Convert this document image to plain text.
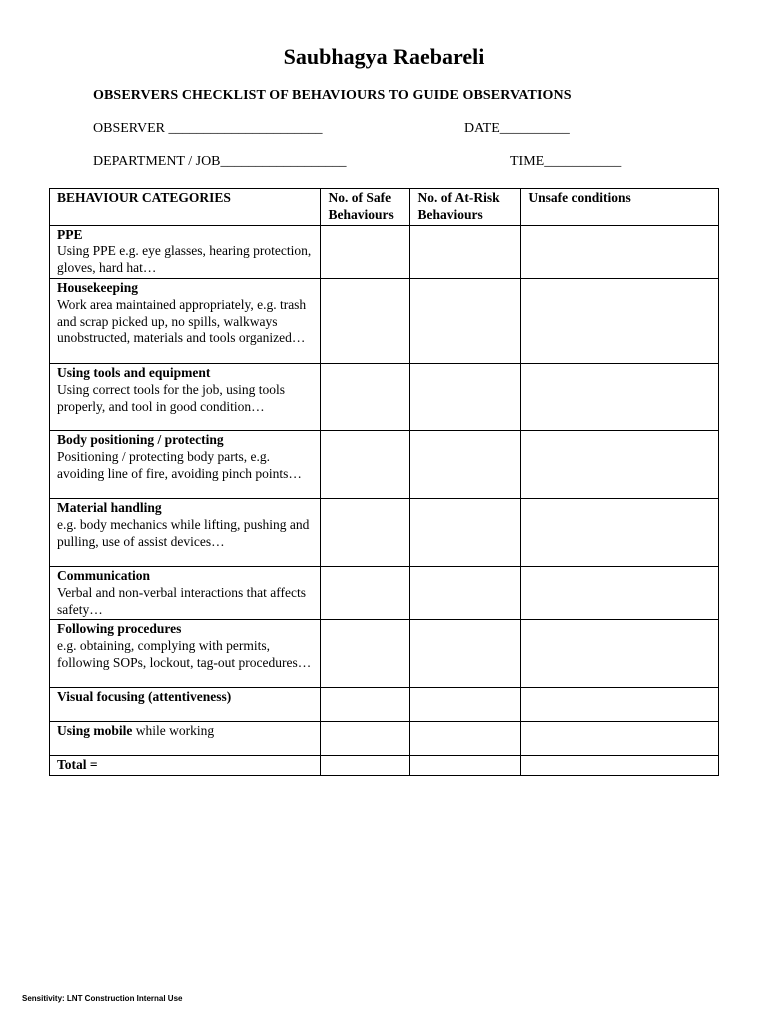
Saubhagya Raebareli
OBSERVERS CHECKLIST OF BEHAVIOURS TO GUIDE OBSERVATIONS
OBSERVER ______________________	DATE__________
DEPARTMENT / JOB__________________	TIME___________
BEHAVIOUR CATEGORIES	No. of Safe Behaviours	No. of At-Risk Behaviours	Unsafe conditions

PPE
Using PPE e.g. eye glasses, hearing protection, gloves, hard hat…			

Housekeeping
Work area maintained appropriately, e.g. trash and scrap picked up, no spills, walkways unobstructed, materials and tools organized…			

Using tools and equipment
Using correct tools for the job, using tools properly, and tool in good condition…			

Body positioning / protecting
Positioning / protecting body parts, e.g. avoiding line of fire, avoiding pinch points…			

Material handling
e.g. body mechanics while lifting, pushing and pulling, use of assist devices…			

Communication
Verbal and non-verbal interactions that affects safety…			

Following procedures
e.g. obtaining, complying with permits, following SOPs, lockout, tag-out procedures…			

Visual focusing (attentiveness)			

Using mobile while working			
Total =			
Sensitivity: LNT Construction Internal Use
